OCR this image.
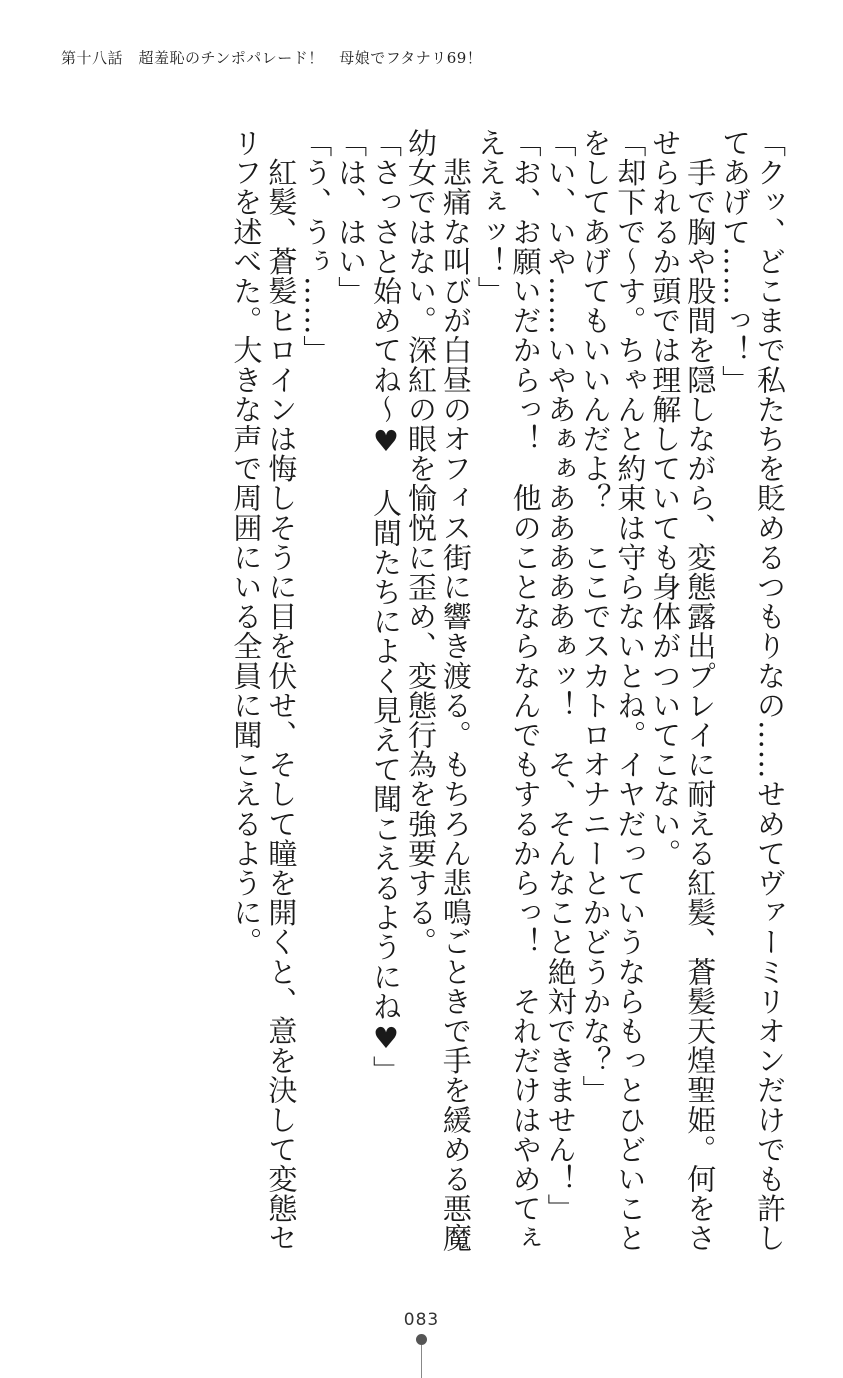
第十八話　超羞恥のチンポパレード！　母娘でフタナリ69！

「クッ、どこまで私たちを貶めるつもりなの……せめてヴァーミリオンだけでも許してあげて……っ！」

　手で胸や股間を隠しながら、変態露出プレイに耐える紅髪、蒼髪天煌聖姫。何をさせられるか頭では理解していても身体がついてこない。

「却下で～す。ちゃんと約束は守らないとね。イヤだっていうならもっとひどいことをしてあげてもいいんだよ？　ここでスカトロオナニーとかどうかな？」

「い、いや……いやあぁぁあああああぁッ！　そ、そんなこと絶対できません！」

「お、お願いだからっ！　他のことならなんでもするからっ！　それだけはやめてぇええぇッ！」

　悲痛な叫びが白昼のオフィス街に響き渡る。もちろん悲鳴ごときで手を緩める悪魔幼女ではない。深紅の眼を愉悦に歪め、変態行為を強要する。

「さっさと始めてね～♥　人間たちによく見えて聞こえるようにね♥」

「は、はい」

「う、うぅ……」

　紅髪、蒼髪ヒロインは悔しそうに目を伏せ、そして瞳を開くと、意を決して変態セリフを述べた。大きな声で周囲にいる全員に聞こえるように。

083
